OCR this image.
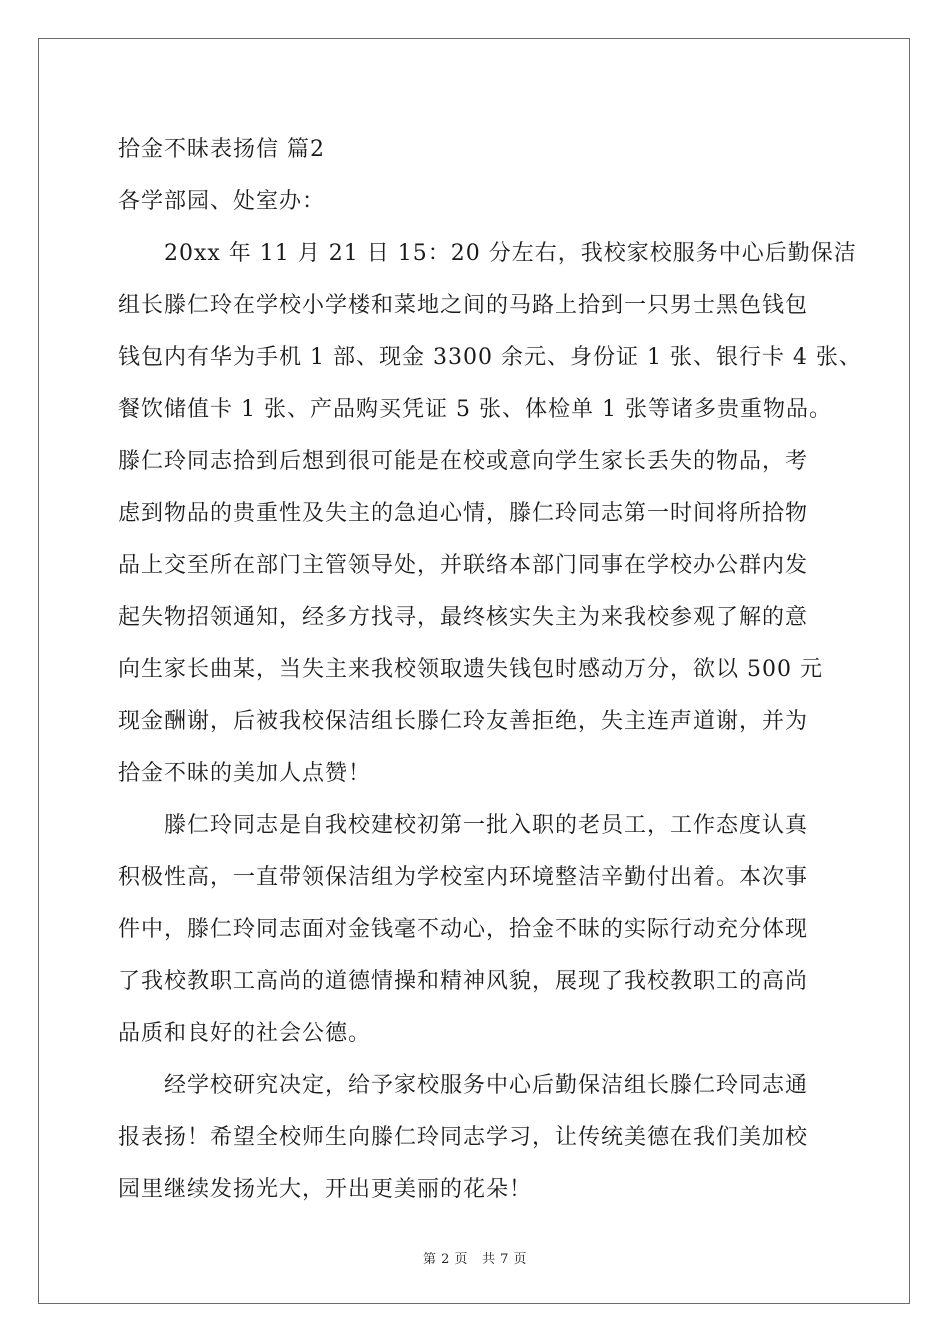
拾金不昧表扬信 篇2
各学部园、处室办：
20xx 年 11 月 21 日 15：20 分左右，我校家校服务中心后勤保洁
组长滕仁玲在学校小学楼和菜地之间的马路上拾到一只男士黑色钱包
钱包内有华为手机 1 部、现金 3300 余元、身份证 1 张、银行卡 4 张、
餐饮储值卡 1 张、产品购买凭证 5 张、体检单 1 张等诸多贵重物品。
滕仁玲同志拾到后想到很可能是在校或意向学生家长丢失的物品，考
虑到物品的贵重性及失主的急迫心情，滕仁玲同志第一时间将所拾物
品上交至所在部门主管领导处，并联络本部门同事在学校办公群内发
起失物招领通知，经多方找寻，最终核实失主为来我校参观了解的意
向生家长曲某，当失主来我校领取遗失钱包时感动万分，欲以 500 元
现金酬谢，后被我校保洁组长滕仁玲友善拒绝，失主连声道谢，并为
拾金不昧的美加人点赞！
滕仁玲同志是自我校建校初第一批入职的老员工，工作态度认真
积极性高，一直带领保洁组为学校室内环境整洁辛勤付出着。本次事
件中，滕仁玲同志面对金钱毫不动心，拾金不昧的实际行动充分体现
了我校教职工高尚的道德情操和精神风貌，展现了我校教职工的高尚
品质和良好的社会公德。
经学校研究决定，给予家校服务中心后勤保洁组长滕仁玲同志通
报表扬！希望全校师生向滕仁玲同志学习，让传统美德在我们美加校
园里继续发扬光大，开出更美丽的花朵！
第 2 页 共 7 页
